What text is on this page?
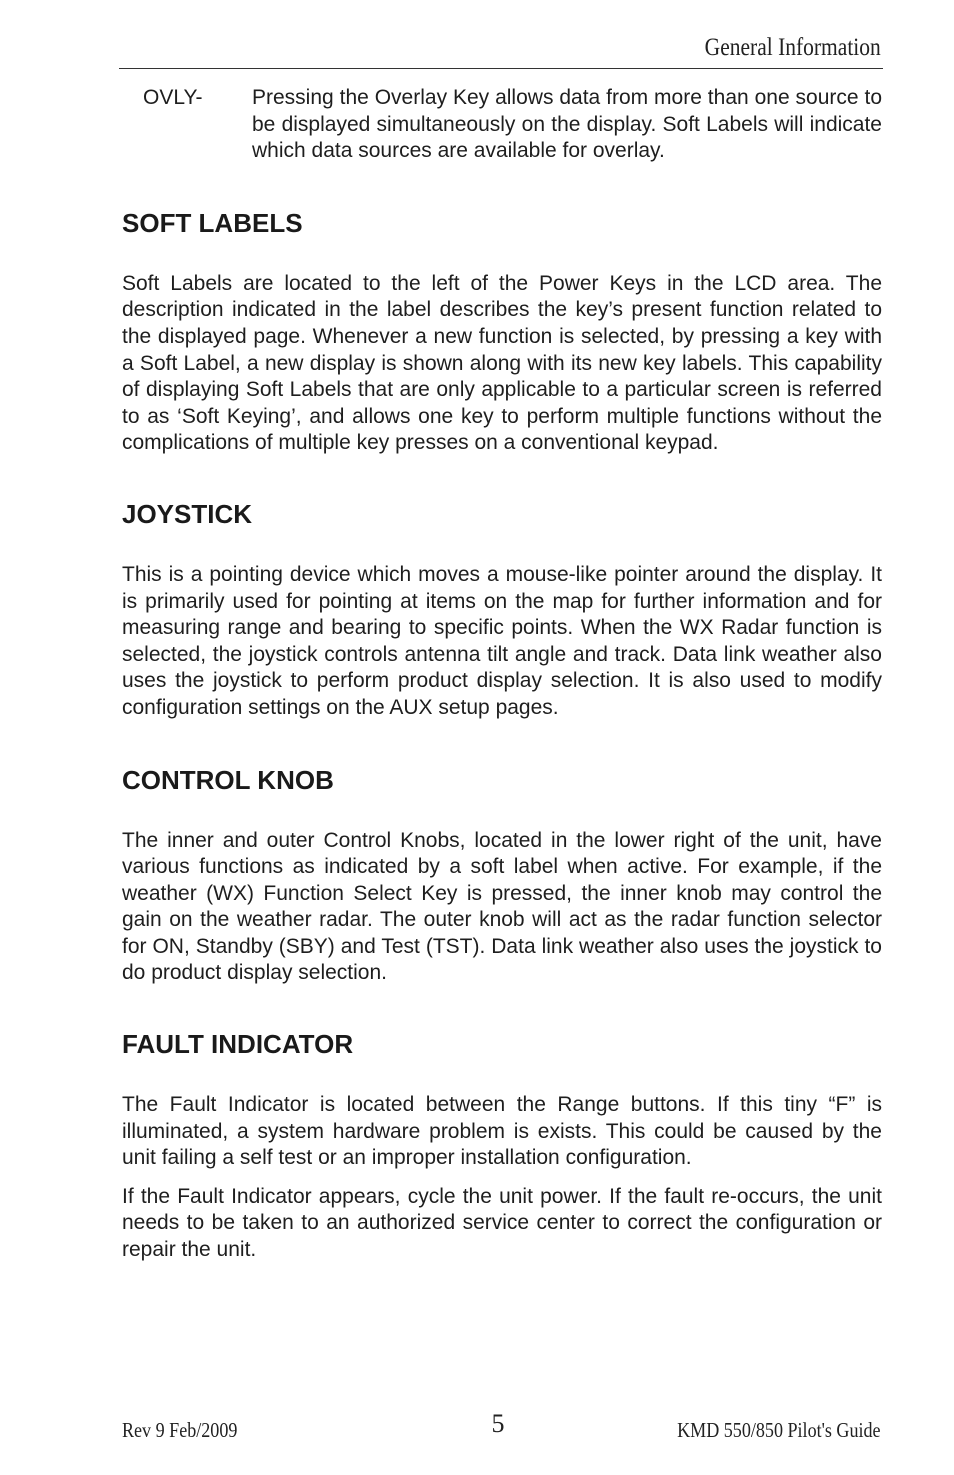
General Information
OVLY-	Pressing the Overlay Key allows data from more than one source to be displayed simultaneously on the display. Soft Labels will indicate which data sources are available for overlay.
SOFT LABELS

Soft Labels are located to the left of the Power Keys in the LCD area. The description indicated in the label describes the key’s present function related to the displayed page. Whenever a new function is selected, by pressing a key with a Soft Label, a new display is shown along with its new key labels. This capability of displaying Soft Labels that are only applicable to a particular screen is referred to as ‘Soft Keying’, and allows one key to perform multiple functions without the complications of multiple key presses on a conventional keypad.

JOYSTICK

This is a pointing device which moves a mouse-like pointer around the display. It is primarily used for pointing at items on the map for further information and for measuring range and bearing to specific points. When the WX Radar function is selected, the joystick controls antenna tilt angle and track. Data link weather also uses the joystick to perform product display selection. It is also used to modify configuration settings on the AUX setup pages.

CONTROL KNOB

The inner and outer Control Knobs, located in the lower right of the unit, have various functions as indicated by a soft label when active. For example, if the weather (WX) Function Select Key is pressed, the inner knob may control the gain on the weather radar. The outer knob will act as the radar function selector for ON, Standby (SBY) and Test (TST). Data link weather also uses the joystick to do product display selection.

FAULT INDICATOR

The Fault Indicator is located between the Range buttons. If this tiny “F” is illuminated, a system hardware problem is exists. This could be caused by the unit failing a self test or an improper installation configuration.

If the Fault Indicator appears, cycle the unit power. If the fault re-occurs, the unit needs to be taken to an authorized service center to correct the configuration or repair the unit.

Rev 9 Feb/2009	5	KMD 550/850 Pilot's Guide
